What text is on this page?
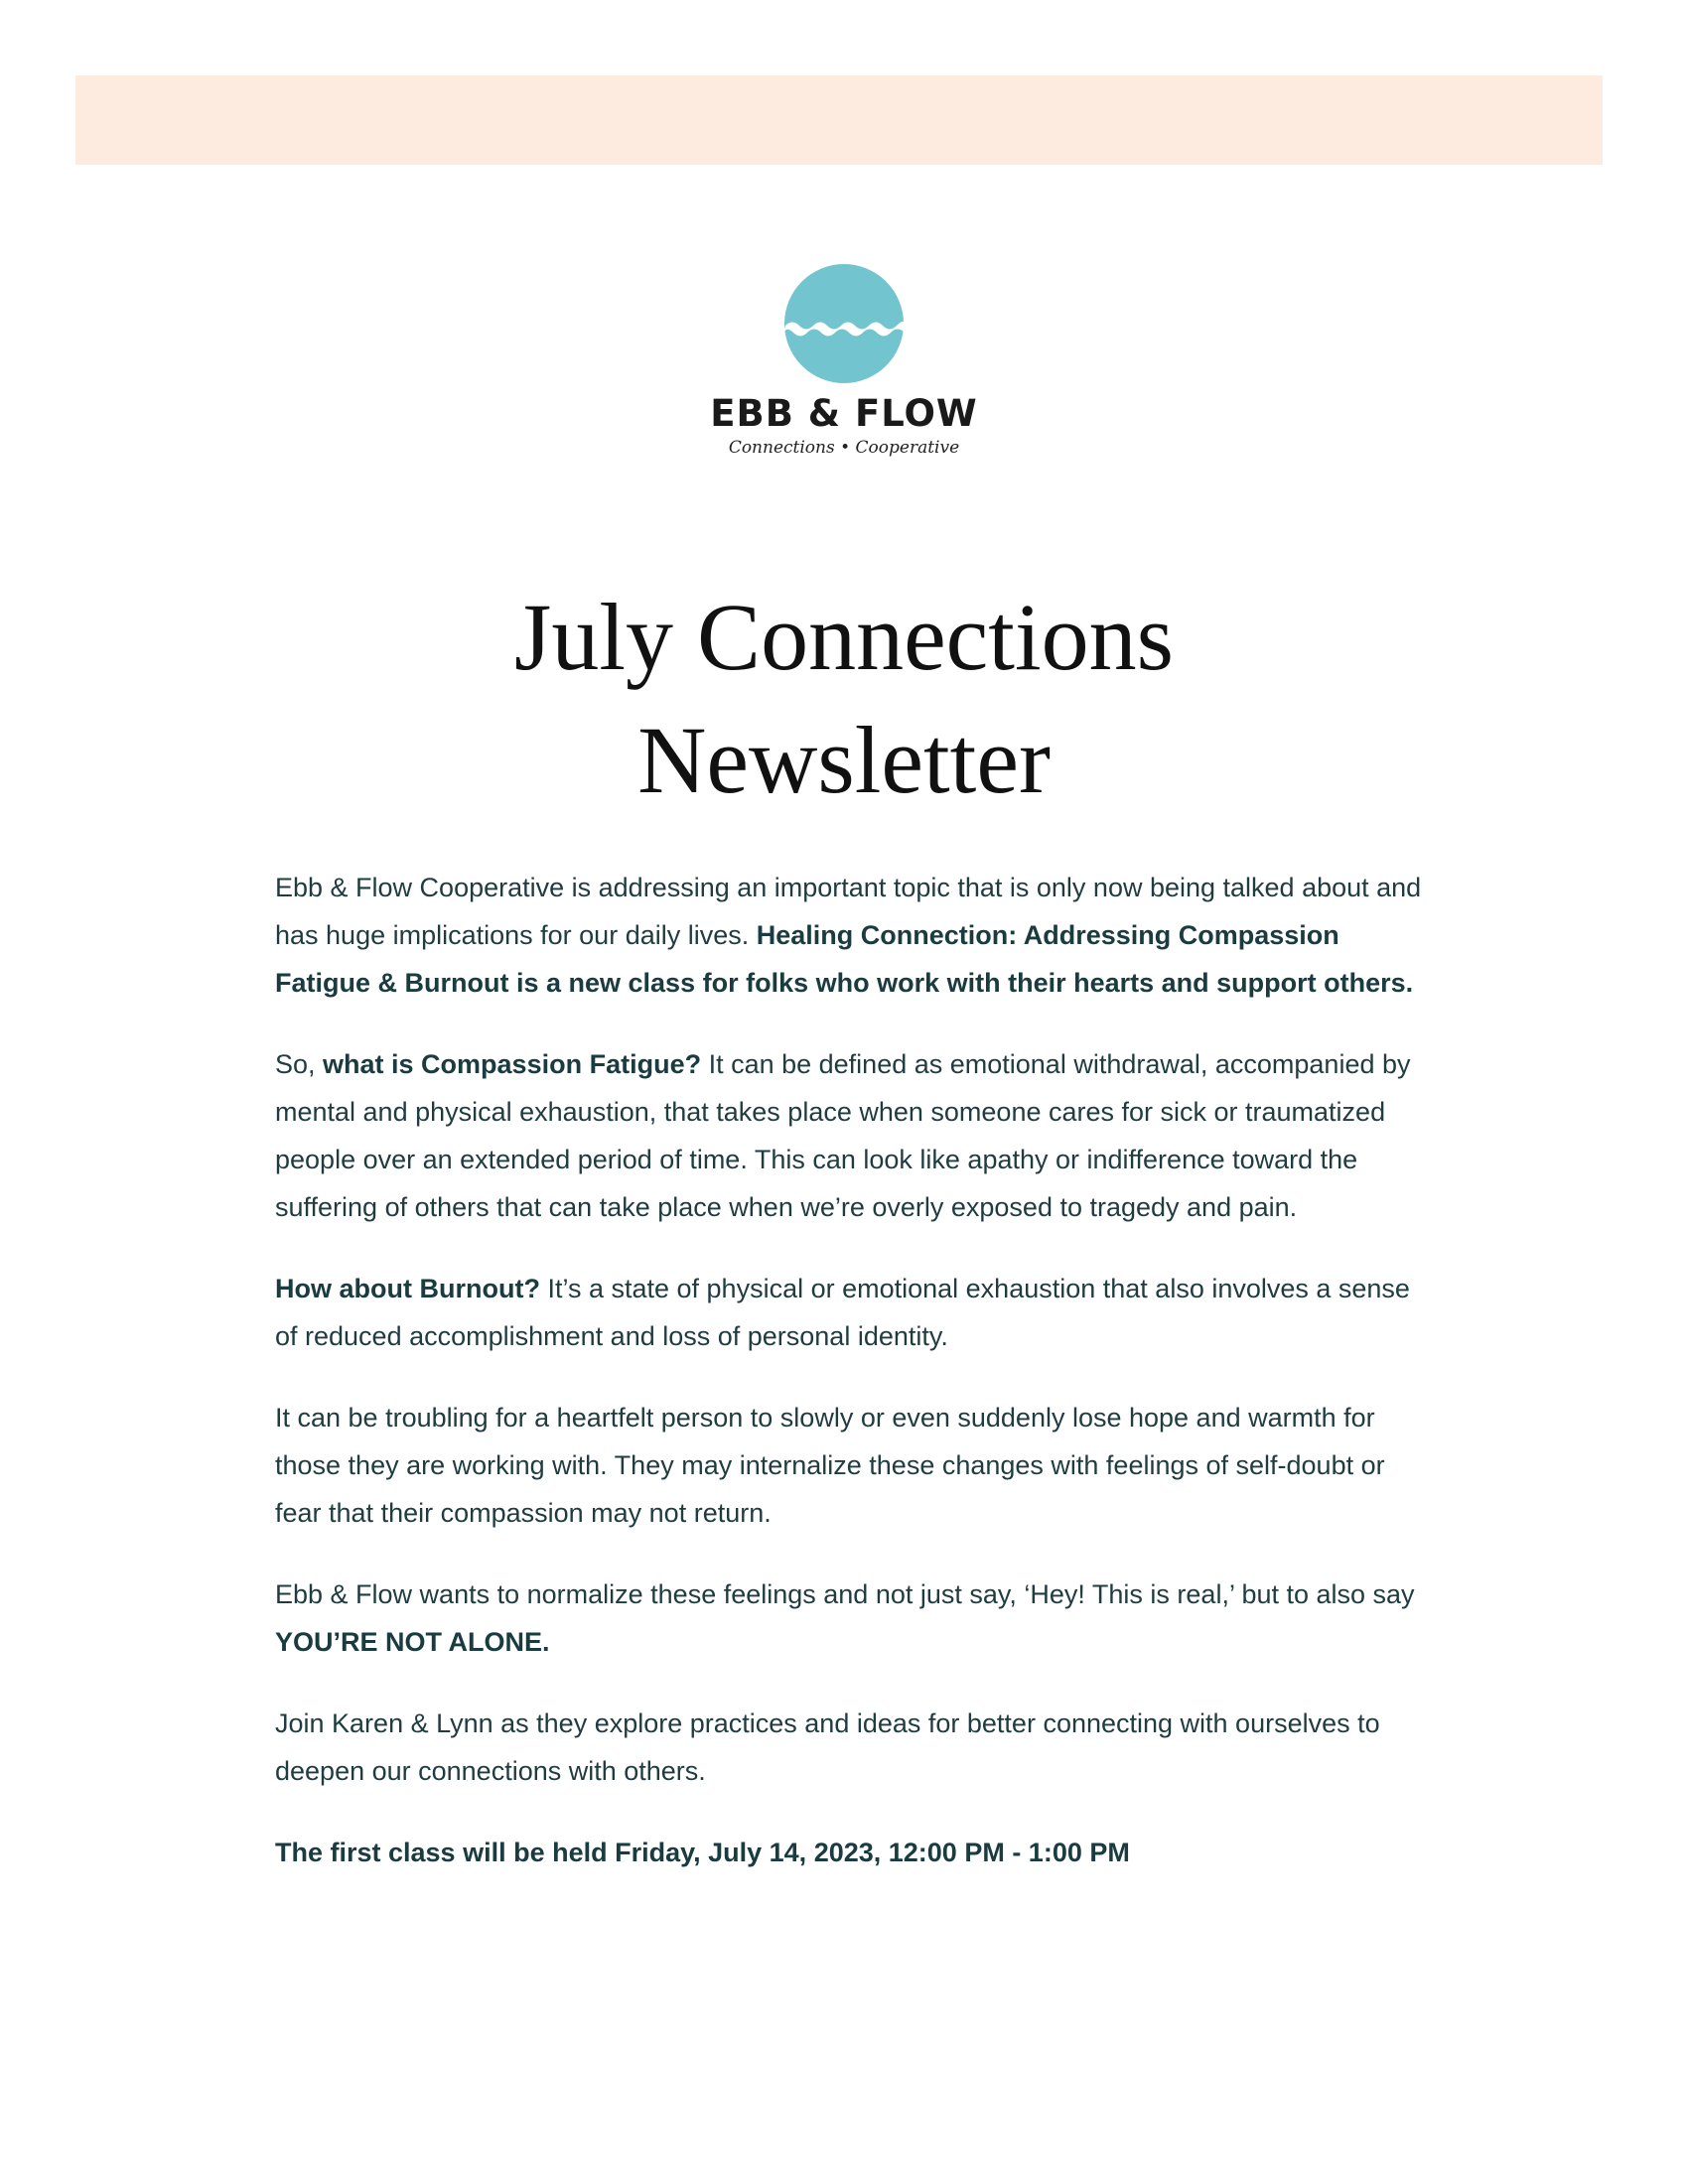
EBB & FLOW
Connections • Cooperative
July Connections
Newsletter

Ebb & Flow Cooperative is addressing an important topic that is only now being talked about and has huge implications for our daily lives. Healing Connection: Addressing Compassion Fatigue & Burnout is a new class for folks who work with their hearts and support others.

So, what is Compassion Fatigue? It can be defined as emotional withdrawal, accompanied by mental and physical exhaustion, that takes place when someone cares for sick or traumatized people over an extended period of time. This can look like apathy or indifference toward the suffering of others that can take place when we’re overly exposed to tragedy and pain.

How about Burnout? It’s a state of physical or emotional exhaustion that also involves a sense of reduced accomplishment and loss of personal identity.

It can be troubling for a heartfelt person to slowly or even suddenly lose hope and warmth for those they are working with. They may internalize these changes with feelings of self-doubt or fear that their compassion may not return.

Ebb & Flow wants to normalize these feelings and not just say, ‘Hey! This is real,’ but to also say YOU’RE NOT ALONE.

Join Karen & Lynn as they explore practices and ideas for better connecting with ourselves to deepen our connections with others.

The first class will be held Friday, July 14, 2023, 12:00 PM - 1:00 PM
